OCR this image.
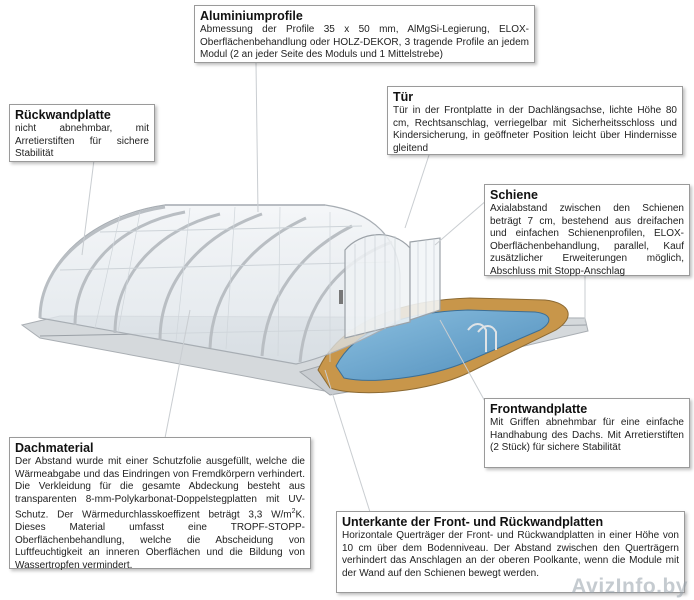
Aluminiumprofile

Abmessung der Profile 35 x 50 mm, AlMgSi-Legierung, ELOX-Oberflächenbehandlung oder HOLZ-DEKOR, 3 tragende Profile an jedem Modul (2 an jeder Seite des Moduls und 1 Mittelstrebe)

Rückwandplatte

nicht abnehmbar, mit Arretierstiften für sichere Stabilität

Tür

Tür in der Frontplatte in der Dachlängsachse, lichte Höhe 80 cm, Rechtsanschlag, verriegelbar mit Sicherheitsschloss und Kindersicherung, in geöffneter Position leicht über Hindernisse gleitend

Schiene

Axialabstand zwischen den Schienen beträgt 7 cm, bestehend aus dreifachen und einfachen Schienenprofilen, ELOX-Oberflächenbehandlung, parallel, Kauf zusätzlicher Erweiterungen möglich, Abschluss mit Stopp-Anschlag

Frontwandplatte

Mit Griffen abnehmbar für eine einfache Handhabung des Dachs. Mit Arretierstiften (2 Stück) für sichere Stabilität

Dachmaterial

Der Abstand wurde mit einer Schutzfolie ausgefüllt, welche die Wärmeabgabe und das Eindringen von Fremdkörpern verhindert. Die Verkleidung für die gesamte Abdeckung besteht aus transparenten 8-mm-Polykarbonat-Doppelstegplatten mit UV-Schutz. Der Wärmedurchlasskoeffizent beträgt 3,3 $W/m^2K$. Dieses Material umfasst eine TROPF-STOPP-Oberflächenbehandlung, welche die Abscheidung von Luftfeuchtigkeit an inneren Oberflächen und die Bildung von Wassertropfen vermindert.

Unterkante der Front- und Rückwandplatten

Horizontale Querträger der Front- und Rückwandplatten in einer Höhe von 10 cm über dem Bodenniveau. Der Abstand zwischen den Querträgern verhindert das Anschlagen an der oberen Poolkante, wenn die Module mit der Wand auf den Schienen bewegt werden.

AvizInfo.by
